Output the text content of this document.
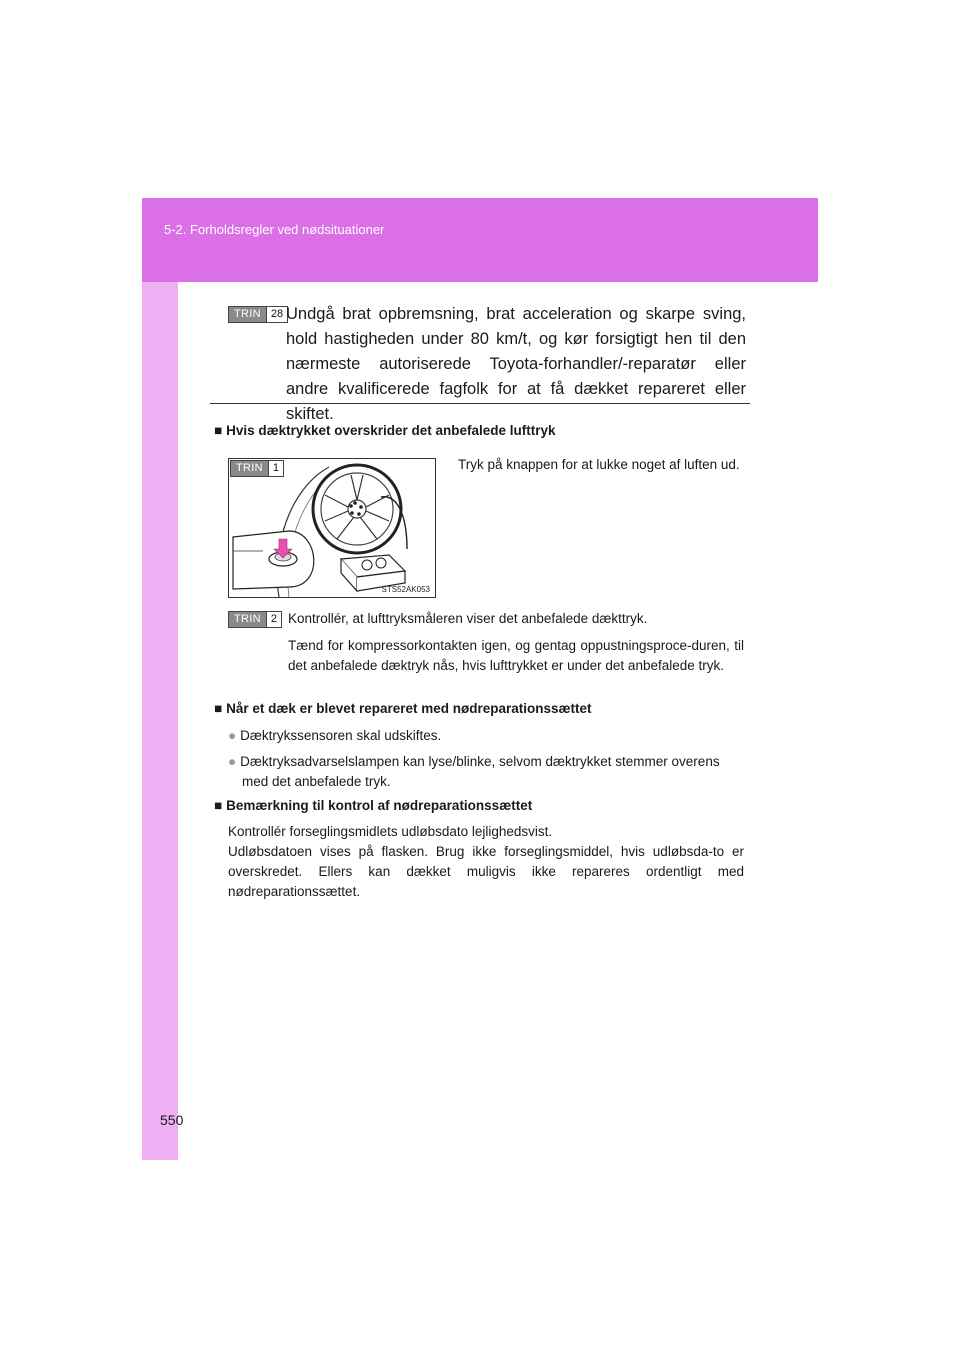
5-2. Forholdsregler ved nødsituationer
TRIN 28 Undgå brat opbremsning, brat acceleration og skarpe sving, hold hastigheden under 80 km/t, og kør forsigtigt hen til den nærmeste autoriserede Toyota-forhandler/-reparatør eller andre kvalificerede fagfolk for at få dækket repareret eller skiftet.
■ Hvis dæktrykket overskrider det anbefalede lufttryk
TRIN 1
STS52AK053
Tryk på knappen for at lukke noget af luften ud.
TRIN 2 Kontrollér, at lufttryksmåleren viser det anbefalede dækttryk.
Tænd for kompressorkontakten igen, og gentag oppustningsproce-duren, til det anbefalede dæktryk nås, hvis lufttrykket er under det anbefalede tryk.
■ Når et dæk er blevet repareret med nødreparationssættet
● Dæktrykssensoren skal udskiftes.
● Dæktryksadvarselslampen kan lyse/blinke, selvom dæktrykket stemmer overens med det anbefalede tryk.
■ Bemærkning til kontrol af nødreparationssættet
Kontrollér forseglingsmidlets udløbsdato lejlighedsvist.
Udløbsdatoen vises på flasken. Brug ikke forseglingsmiddel, hvis udløbsda-to er overskredet. Ellers kan dækket muligvis ikke repareres ordentligt med nødreparationssættet.
550
